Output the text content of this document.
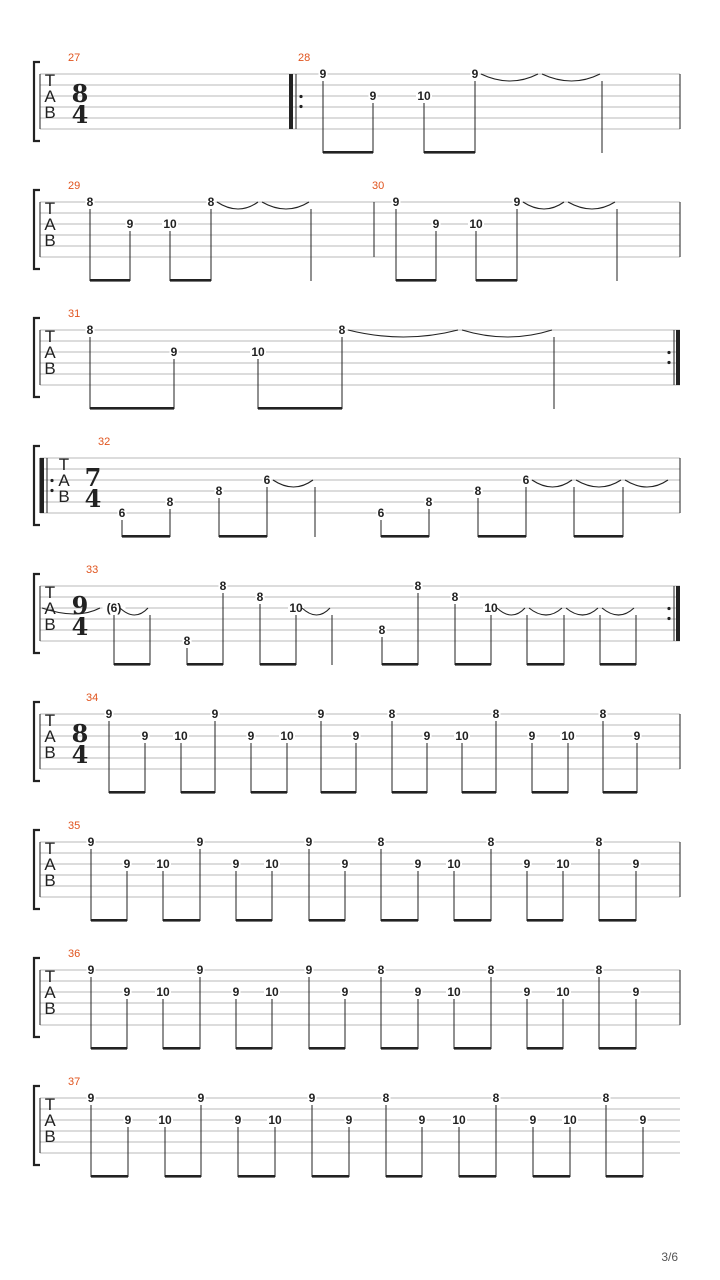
T
A
B
8
4
27	28
9
9	10
9
T
A
B
29
8
9 10
8
30
9
9 10
9
T
A
B
31
8
9	10
8
T
A
B
7
4
32
6
8
8
6
6
8
8
6
T
A
B
9
4
33
(6)
8
8
8
10
8
8
8
10
T
A
B
8
4
34
9
9 10
9
9 10
9
9
8
9 10
8
9 10
8
9
T
A
B
35
9
9 10
9
9 10
9
9
8
9 10
8
9 10
8
9
T
A
B
36
9
9 10
9
9 10
9
9
8
9 10
8
9 10
8
9
T
A
B
37
9
9 10
9
9 10
9
9
8
9 10
8
9 10
8
9
3/6
